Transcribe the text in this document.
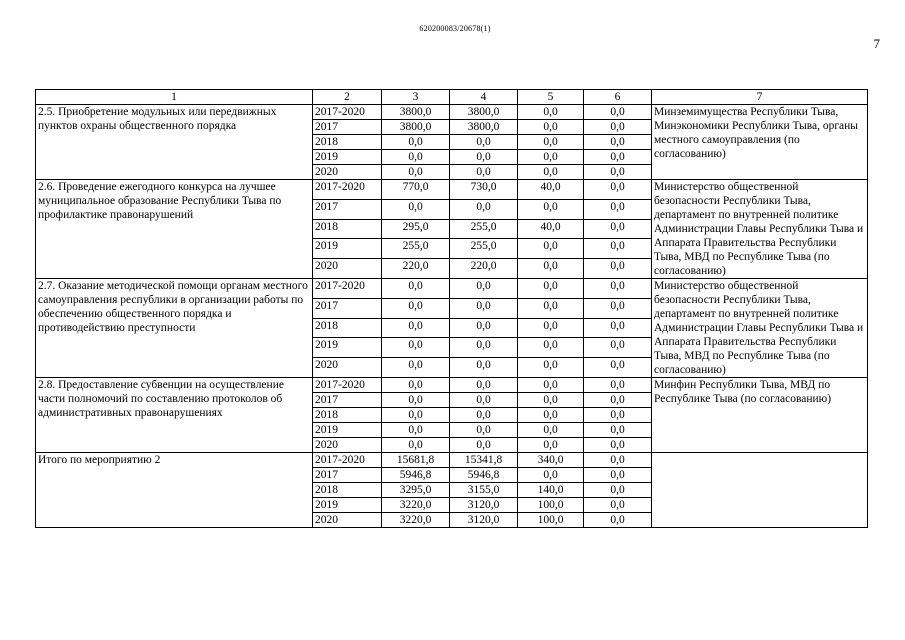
620200083/20678(1)
7
1	2	3	4	5	6	7
2.5. Приобретение модульных или передвижных пунктов охраны общественного порядка	2017-2020	3800,0	3800,0	0,0	0,0	Минземимущества Республики Тыва, Минэкономики Республики Тыва, органы местного самоуправления (по согласованию)
	2017	3800,0	3800,0	0,0	0,0	
	2018	0,0	0,0	0,0	0,0	
	2019	0,0	0,0	0,0	0,0	
	2020	0,0	0,0	0,0	0,0	
2.6. Проведение ежегодного конкурса на лучшее муниципальное образование Республики Тыва по профилактике правонарушений	2017-2020	770,0	730,0	40,0	0,0	Министерство общественной безопасности Республики Тыва, департамент по внутренней политике Администрации Главы Республики Тыва и Аппарата Правительства Республики Тыва, МВД по Республике Тыва (по согласованию)
	2017	0,0	0,0	0,0	0,0	
	2018	295,0	255,0	40,0	0,0	
	2019	255,0	255,0	0,0	0,0	
	2020	220,0	220,0	0,0	0,0	
2.7. Оказание методической помощи органам местного самоуправления республики в организации работы по обеспечению общественного порядка и противодействию преступности	2017-2020	0,0	0,0	0,0	0,0	Министерство общественной безопасности Республики Тыва, департамент по внутренней политике Администрации Главы Республики Тыва и Аппарата Правительства Республики Тыва, МВД по Республике Тыва (по согласованию)
	2017	0,0	0,0	0,0	0,0	
	2018	0,0	0,0	0,0	0,0	
	2019	0,0	0,0	0,0	0,0	
	2020	0,0	0,0	0,0	0,0	
2.8. Предоставление субвенции на осуществление части полномочий по составлению протоколов об административных правонарушениях	2017-2020	0,0	0,0	0,0	0,0	Минфин Республики Тыва, МВД по Республике Тыва (по согласованию)
	2017	0,0	0,0	0,0	0,0	
	2018	0,0	0,0	0,0	0,0	
	2019	0,0	0,0	0,0	0,0	
	2020	0,0	0,0	0,0	0,0	
Итого по мероприятию 2	2017-2020	15681,8	15341,8	340,0	0,0	
	2017	5946,8	5946,8	0,0	0,0	
	2018	3295,0	3155,0	140,0	0,0	
	2019	3220,0	3120,0	100,0	0,0	
	2020	3220,0	3120,0	100,0	0,0	
